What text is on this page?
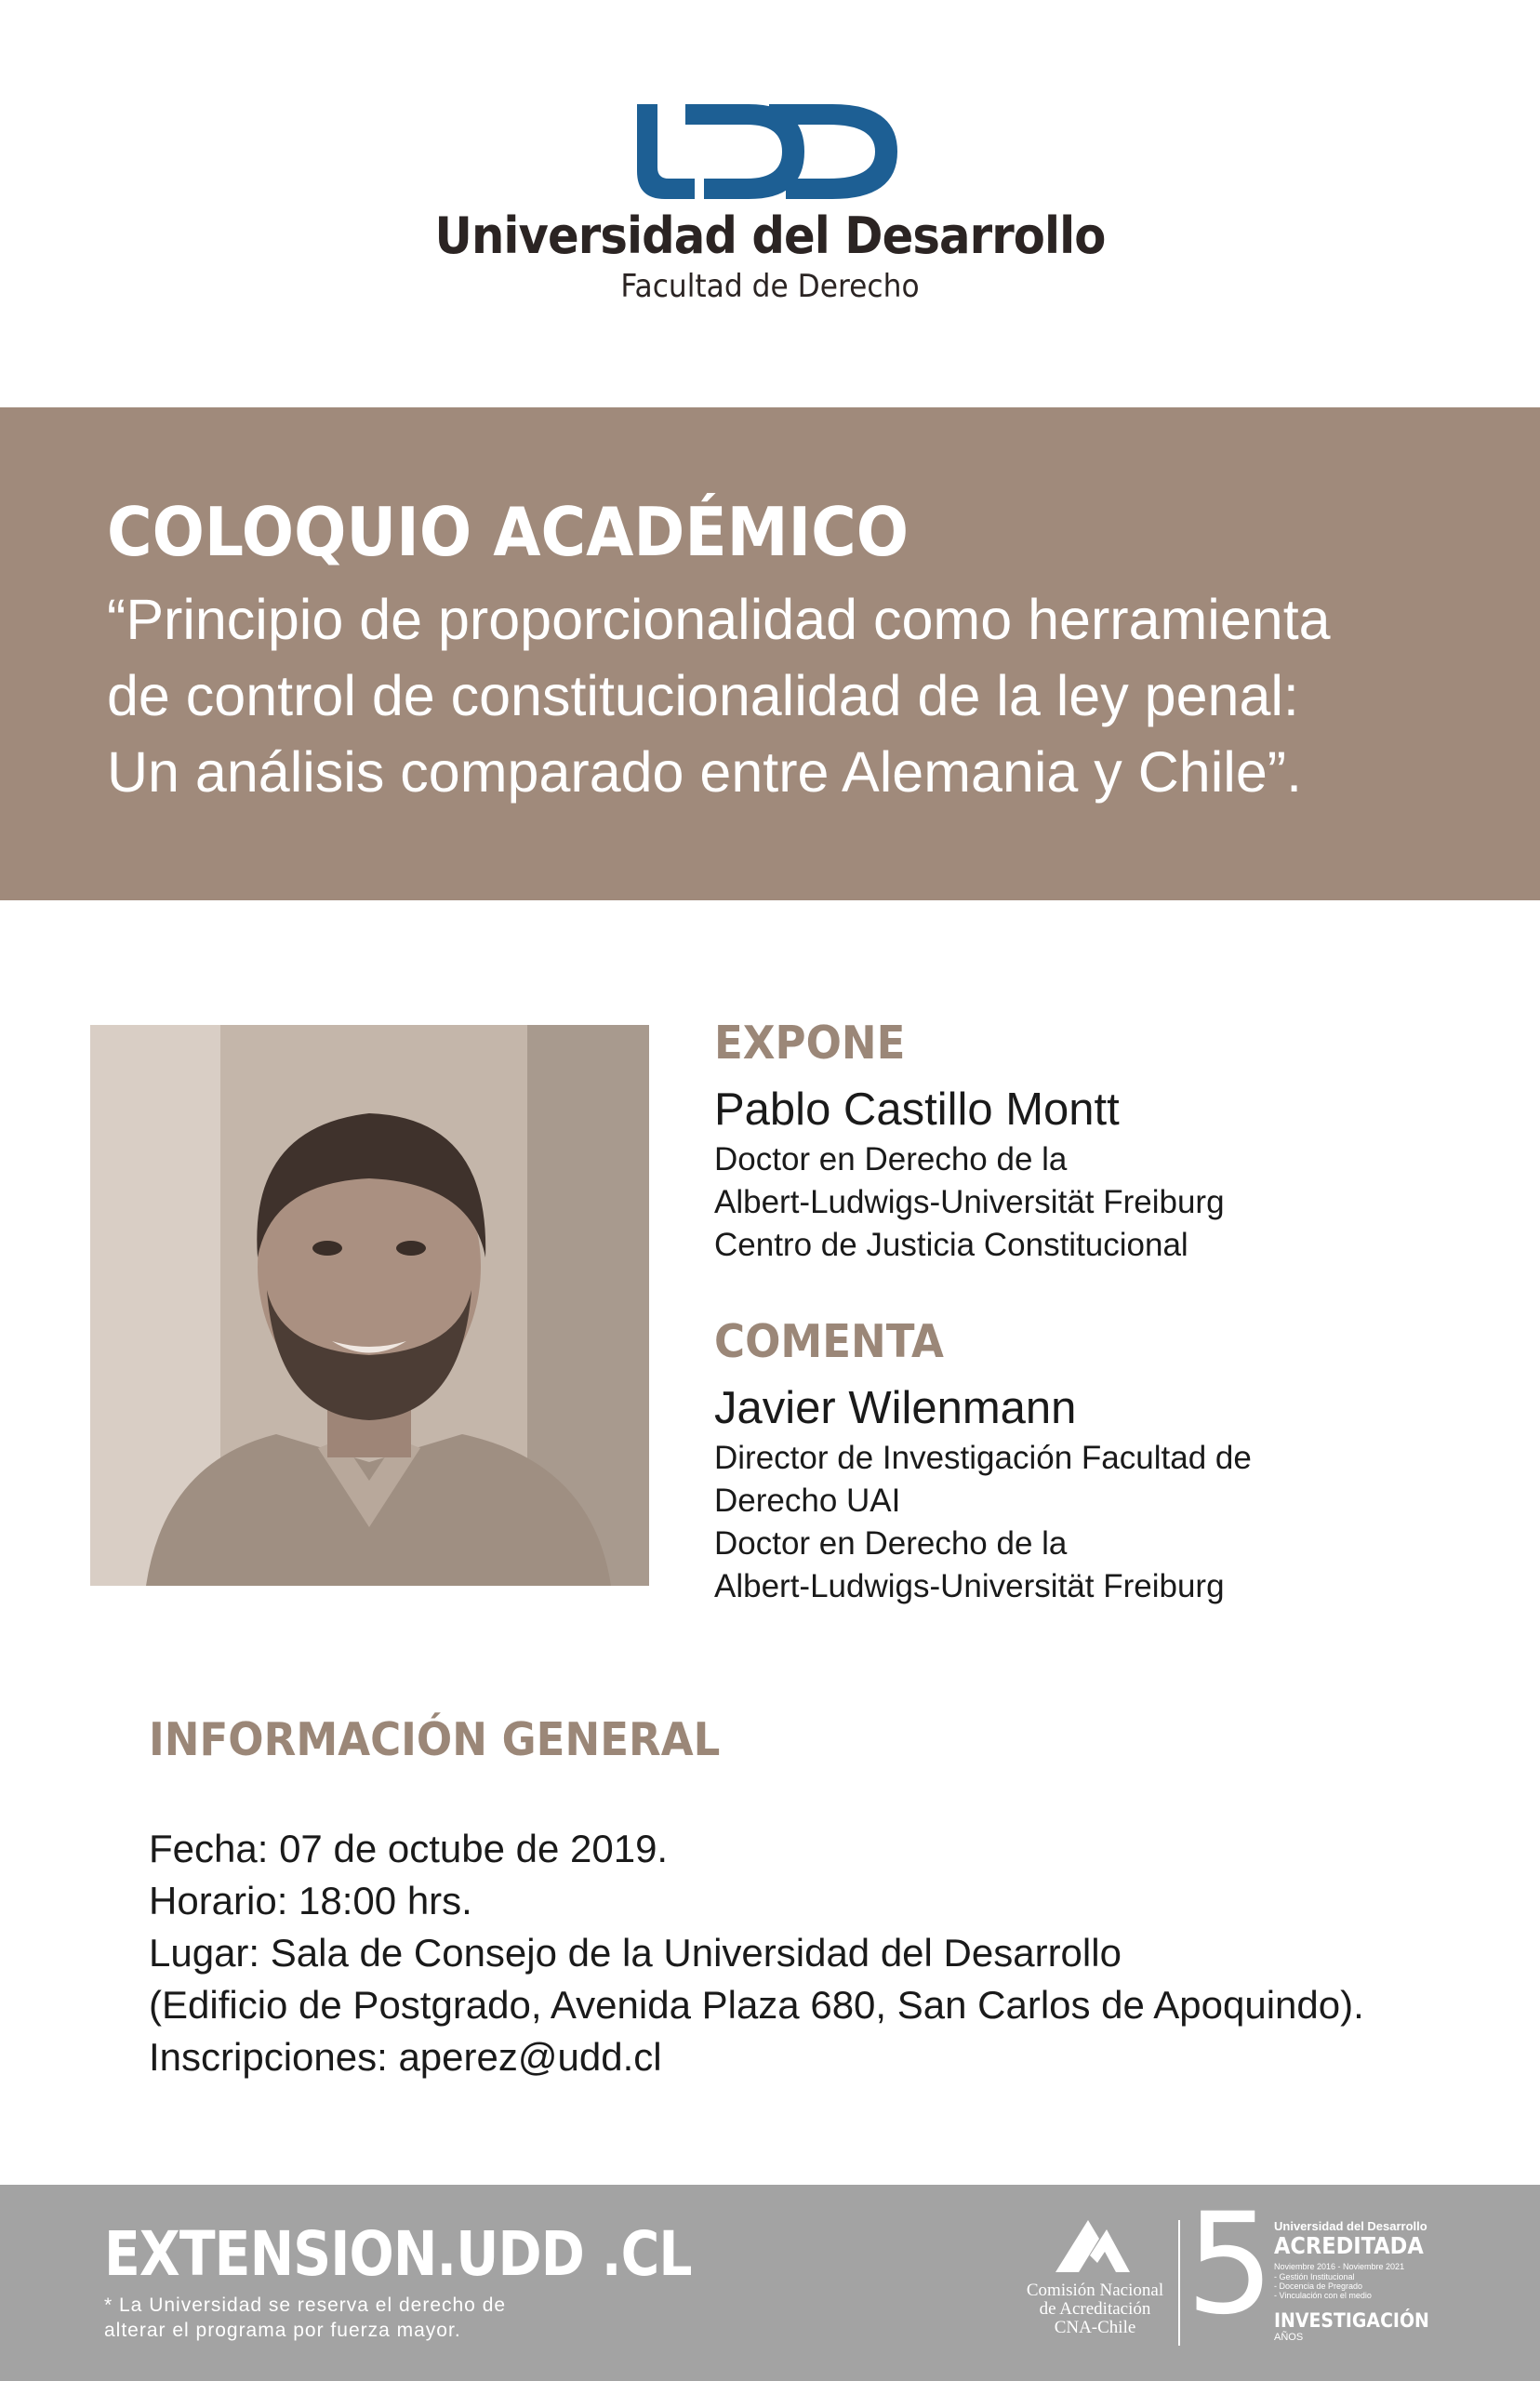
Universidad del Desarrollo
Facultad de Derecho
COLOQUIO ACADÉMICO
“Principio de proporcionalidad como herramienta
de control de constitucionalidad de la ley penal:
Un análisis comparado entre Alemania y Chile”.
EXPONE
Pablo Castillo Montt
Doctor en Derecho de la
Albert-Ludwigs-Universität Freiburg
Centro de Justicia Constitucional
COMENTA
Javier Wilenmann
Director de Investigación Facultad de
Derecho UAI
Doctor en Derecho de la
Albert-Ludwigs-Universität Freiburg
INFORMACIÓN GENERAL
Fecha: 07 de octube de 2019.
Horario: 18:00 hrs.
Lugar: Sala de Consejo de la Universidad del Desarrollo
(Edificio de Postgrado, Avenida Plaza 680, San Carlos de Apoquindo).
Inscripciones: aperez@udd.cl
EXTENSION.UDD .CL
* La Universidad se reserva el derecho de
alterar el programa por fuerza mayor.
Comisión Nacional
de Acreditación
CNA-Chile 5 Universidad del Desarrollo
ACREDITADA
Noviembre 2016 - Noviembre 2021
- Gestión Institucional
- Docencia de Pregrado
- Vinculación con el medio
INVESTIGACIÓN
AÑOS
